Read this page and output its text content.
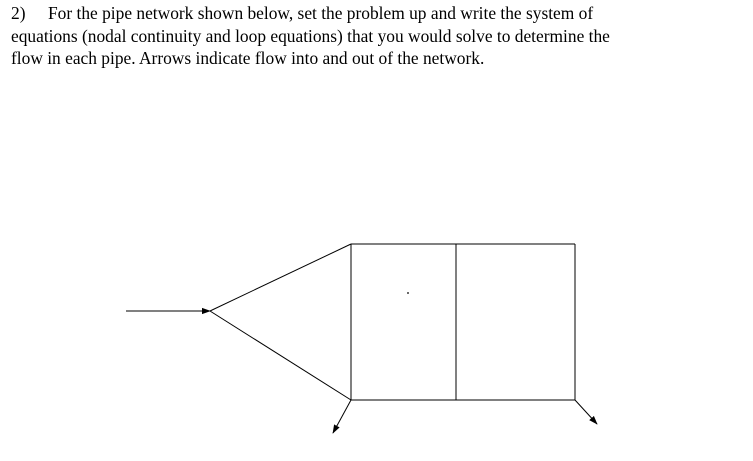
2) For the pipe network shown below, set the problem up and write the system of
equations (nodal continuity and loop equations) that you would solve to determine the
flow in each pipe. Arrows indicate flow into and out of the network.
